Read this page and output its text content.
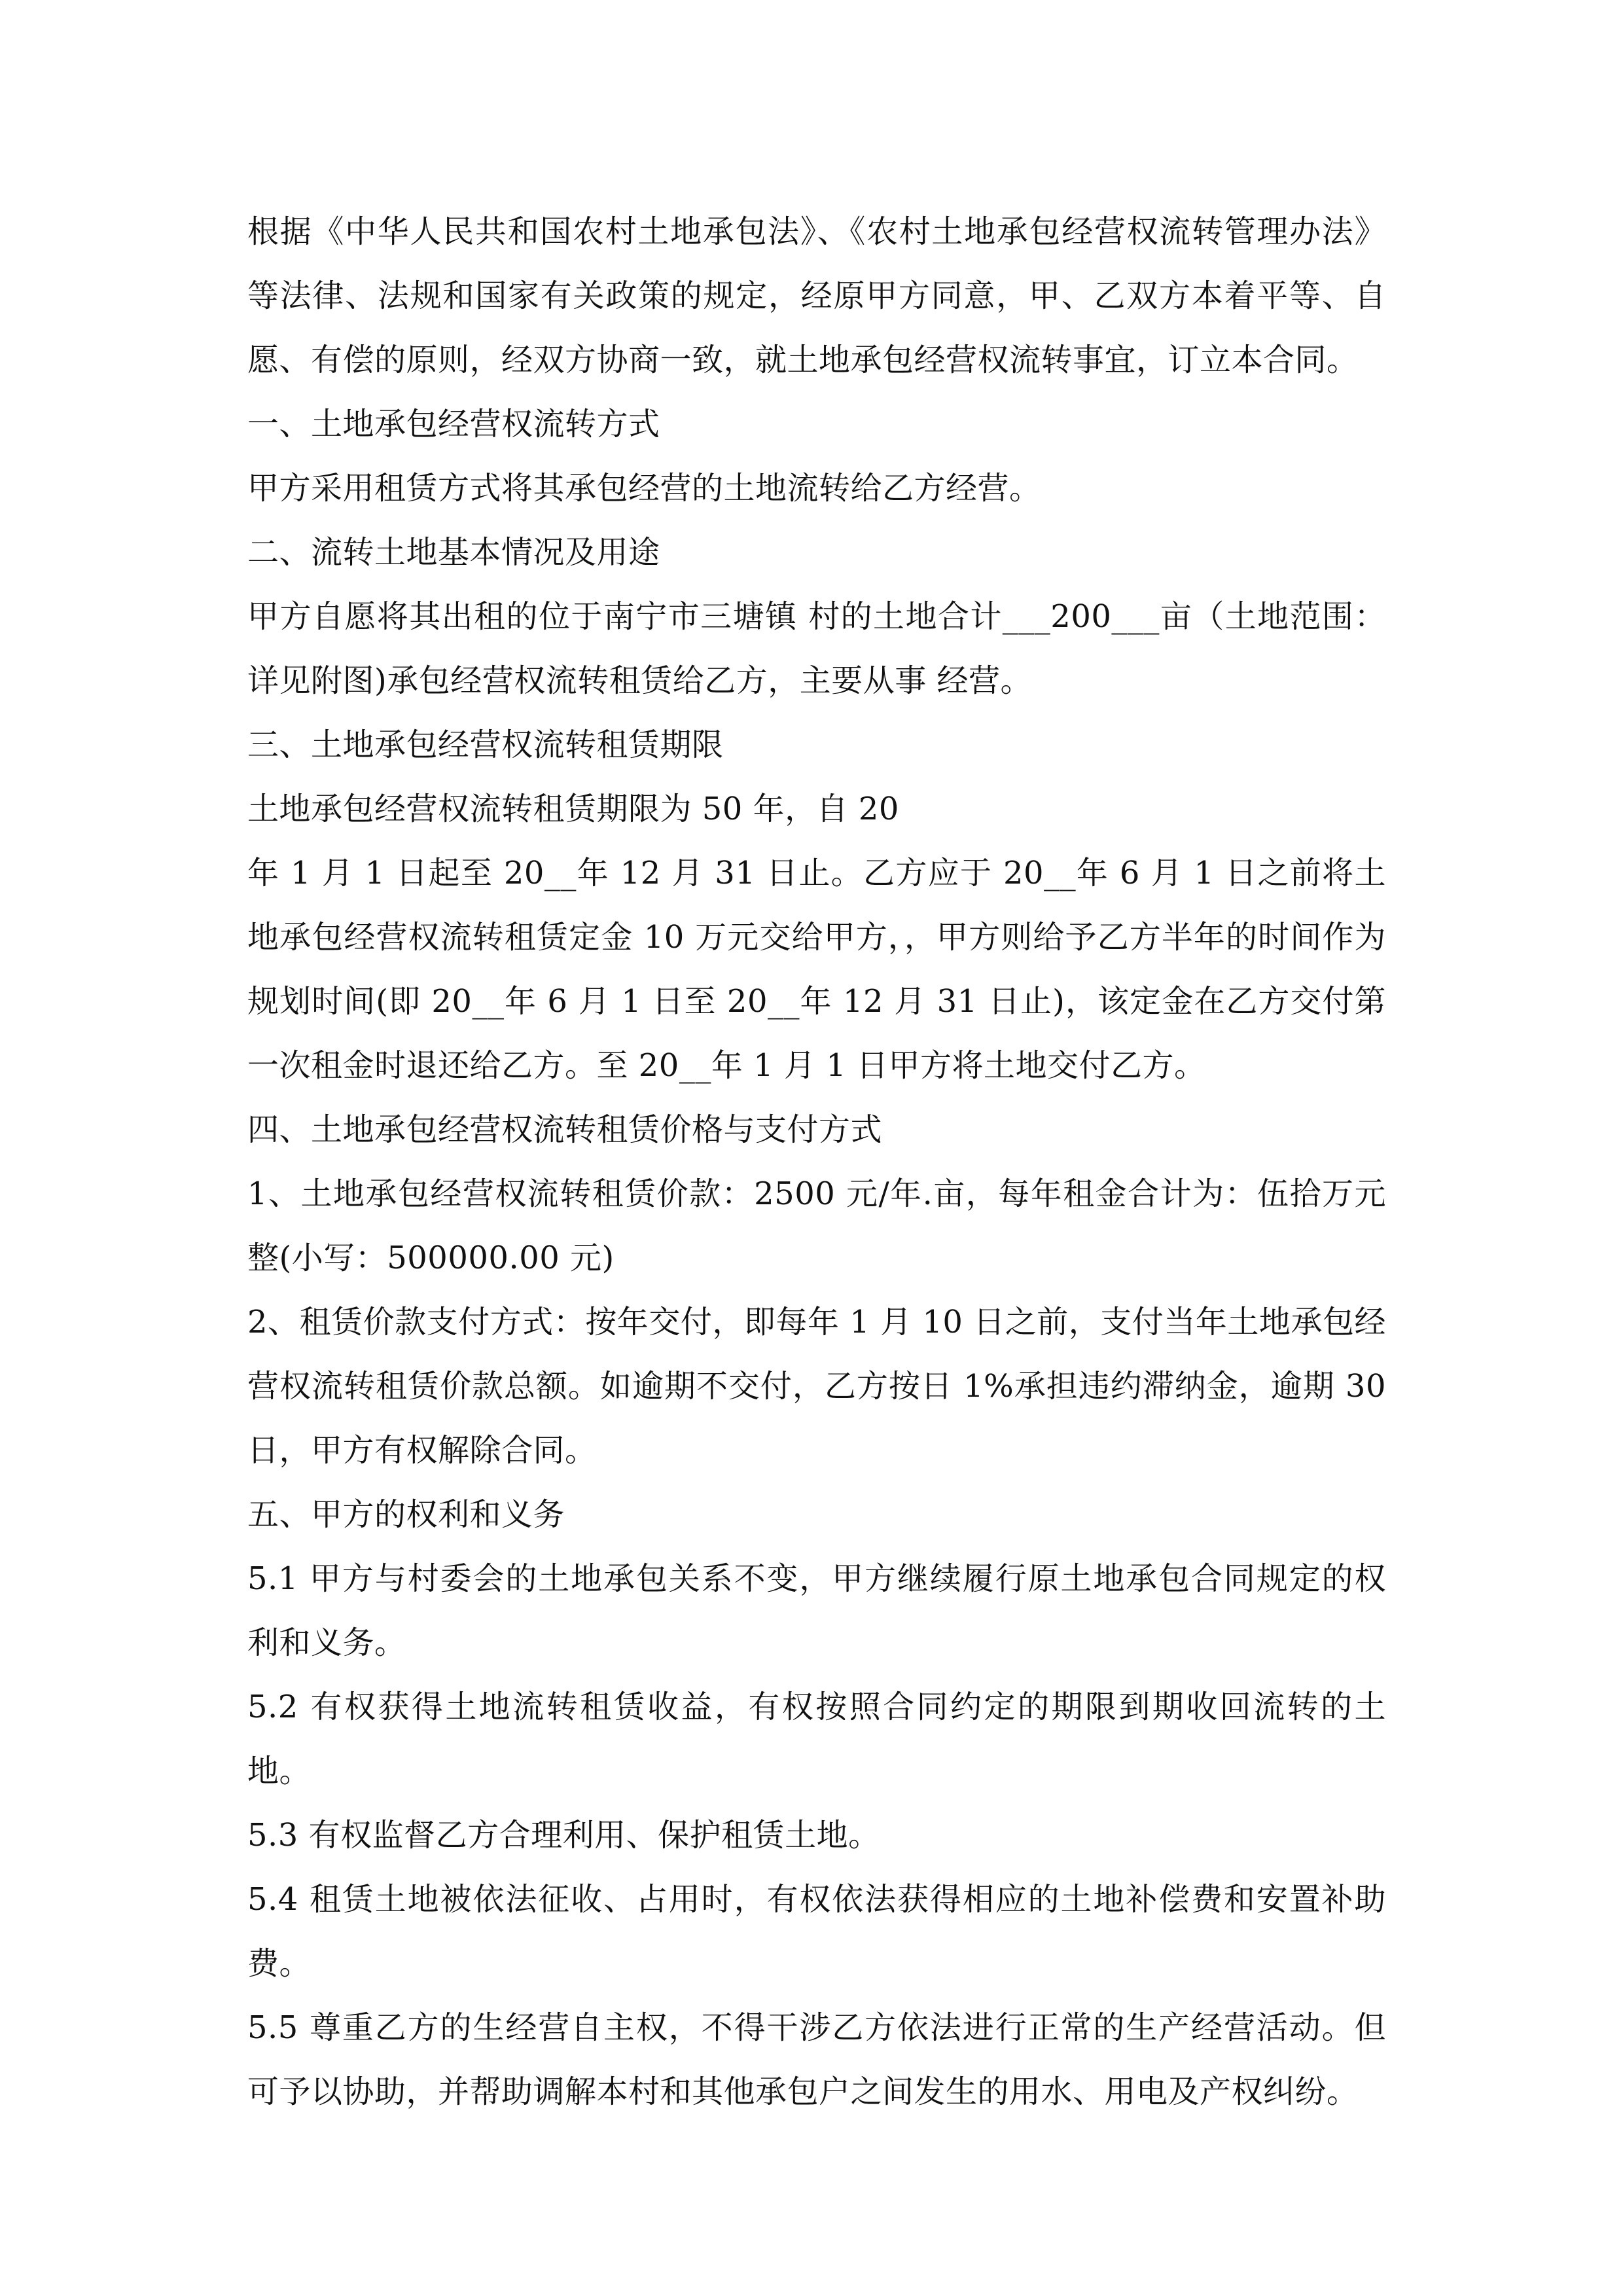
根据《中华人民共和国农村土地承包法》、《农村土地承包经营权流转管理办法》等法律、法规和国家有关政策的规定，经原甲方同意，甲、乙双方本着平等、自愿、有偿的原则，经双方协商一致，就土地承包经营权流转事宜，订立本合同。

一、土地承包经营权流转方式

甲方采用租赁方式将其承包经营的土地流转给乙方经营。

二、流转土地基本情况及用途

甲方自愿将其出租的位于南宁市三塘镇 村的土地合计___200___亩（土地范围：详见附图)承包经营权流转租赁给乙方，主要从事 经营。

三、土地承包经营权流转租赁期限

土地承包经营权流转租赁期限为 50 年，自 20

年 1 月 1 日起至 20__年 12 月 31 日止。乙方应于 20__年 6 月 1 日之前将土地承包经营权流转租赁定金 10 万元交给甲方，，甲方则给予乙方半年的时间作为规划时间(即 20__年 6 月 1 日至 20__年 12 月 31 日止)，该定金在乙方交付第一次租金时退还给乙方。至 20__年 1 月 1 日甲方将土地交付乙方。

四、土地承包经营权流转租赁价格与支付方式

1、土地承包经营权流转租赁价款：2500 元/年.亩，每年租金合计为：伍拾万元整(小写：500000.00 元)

2、租赁价款支付方式：按年交付，即每年 1 月 10 日之前，支付当年土地承包经营权流转租赁价款总额。如逾期不交付，乙方按日 1%承担违约滞纳金，逾期 30 日，甲方有权解除合同。

五、甲方的权利和义务

5.1 甲方与村委会的土地承包关系不变，甲方继续履行原土地承包合同规定的权利和义务。

5.2 有权获得土地流转租赁收益，有权按照合同约定的期限到期收回流转的土地。

5.3 有权监督乙方合理利用、保护租赁土地。

5.4 租赁土地被依法征收、占用时，有权依法获得相应的土地补偿费和安置补助费。

5.5 尊重乙方的生经营自主权，不得干涉乙方依法进行正常的生产经营活动。但可予以协助，并帮助调解本村和其他承包户之间发生的用水、用电及产权纠纷。
